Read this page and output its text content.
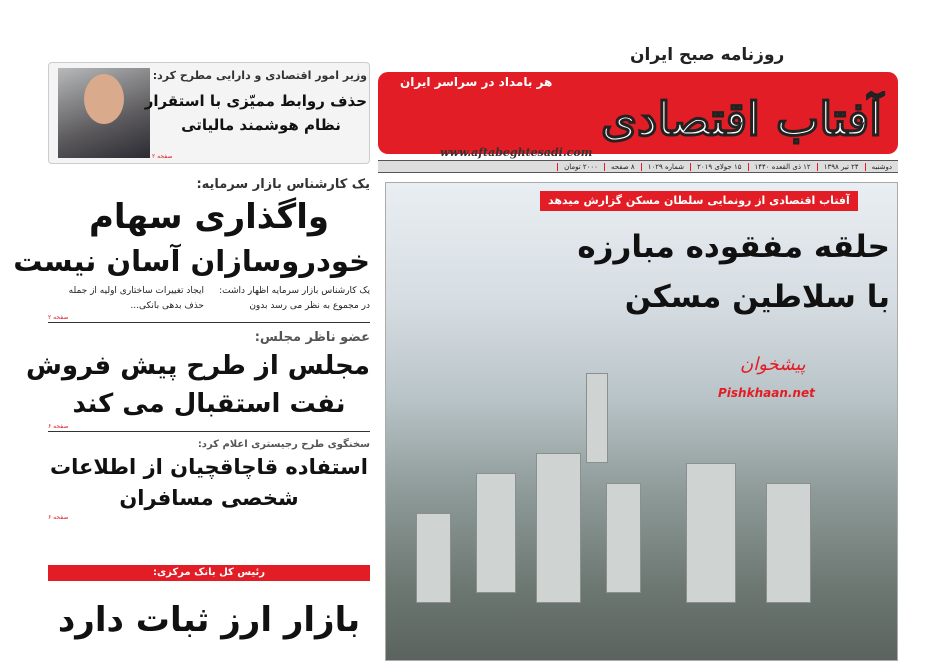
آفتاب اقتصادی
روزنامه صبح ایران
هر بامداد در سراسر ایران
www.aftabeghtesadi.com
دوشنبه
۲۴ تیر ۱۳۹۸
۱۲ ذی القعده ۱۴۴۰
۱۵ جولای ۲۰۱۹
شماره ۱۰۲۹
۸ صفحه
۲۰۰۰ تومان
آفتاب اقتصادی از رونمایی سلطان مسکن گزارش میدهد
حلقه مفقوده مبارزه
با سلاطین مسکن
پیشخوان
Pishkhaan.net
وزیر امور اقتصادی و دارایی مطرح کرد:
حذف روابط ممیّزی با استقرار
نظام هوشمند مالیاتی
صفحه ۲
یک کارشناس بازار سرمایه:
واگذاری سهام
خودروسازان آسان نیست
یک کارشناس بازار سرمایه اظهار داشت: در مجموع به نظر می رسد بدون
ایجاد تغییرات ساختاری اولیه از جمله حذف بدهی بانکی...
صفحه ۲
عضو ناظر مجلس:
مجلس از طرح پیش فروش
نفت استقبال می کند
صفحه ۶
سخنگوی طرح رجیستری اعلام کرد:
استفاده قاچاقچیان از اطلاعات
شخصی مسافران
صفحه ۶
رئیس کل بانک مرکزی:
بازار ارز ثبات دارد
